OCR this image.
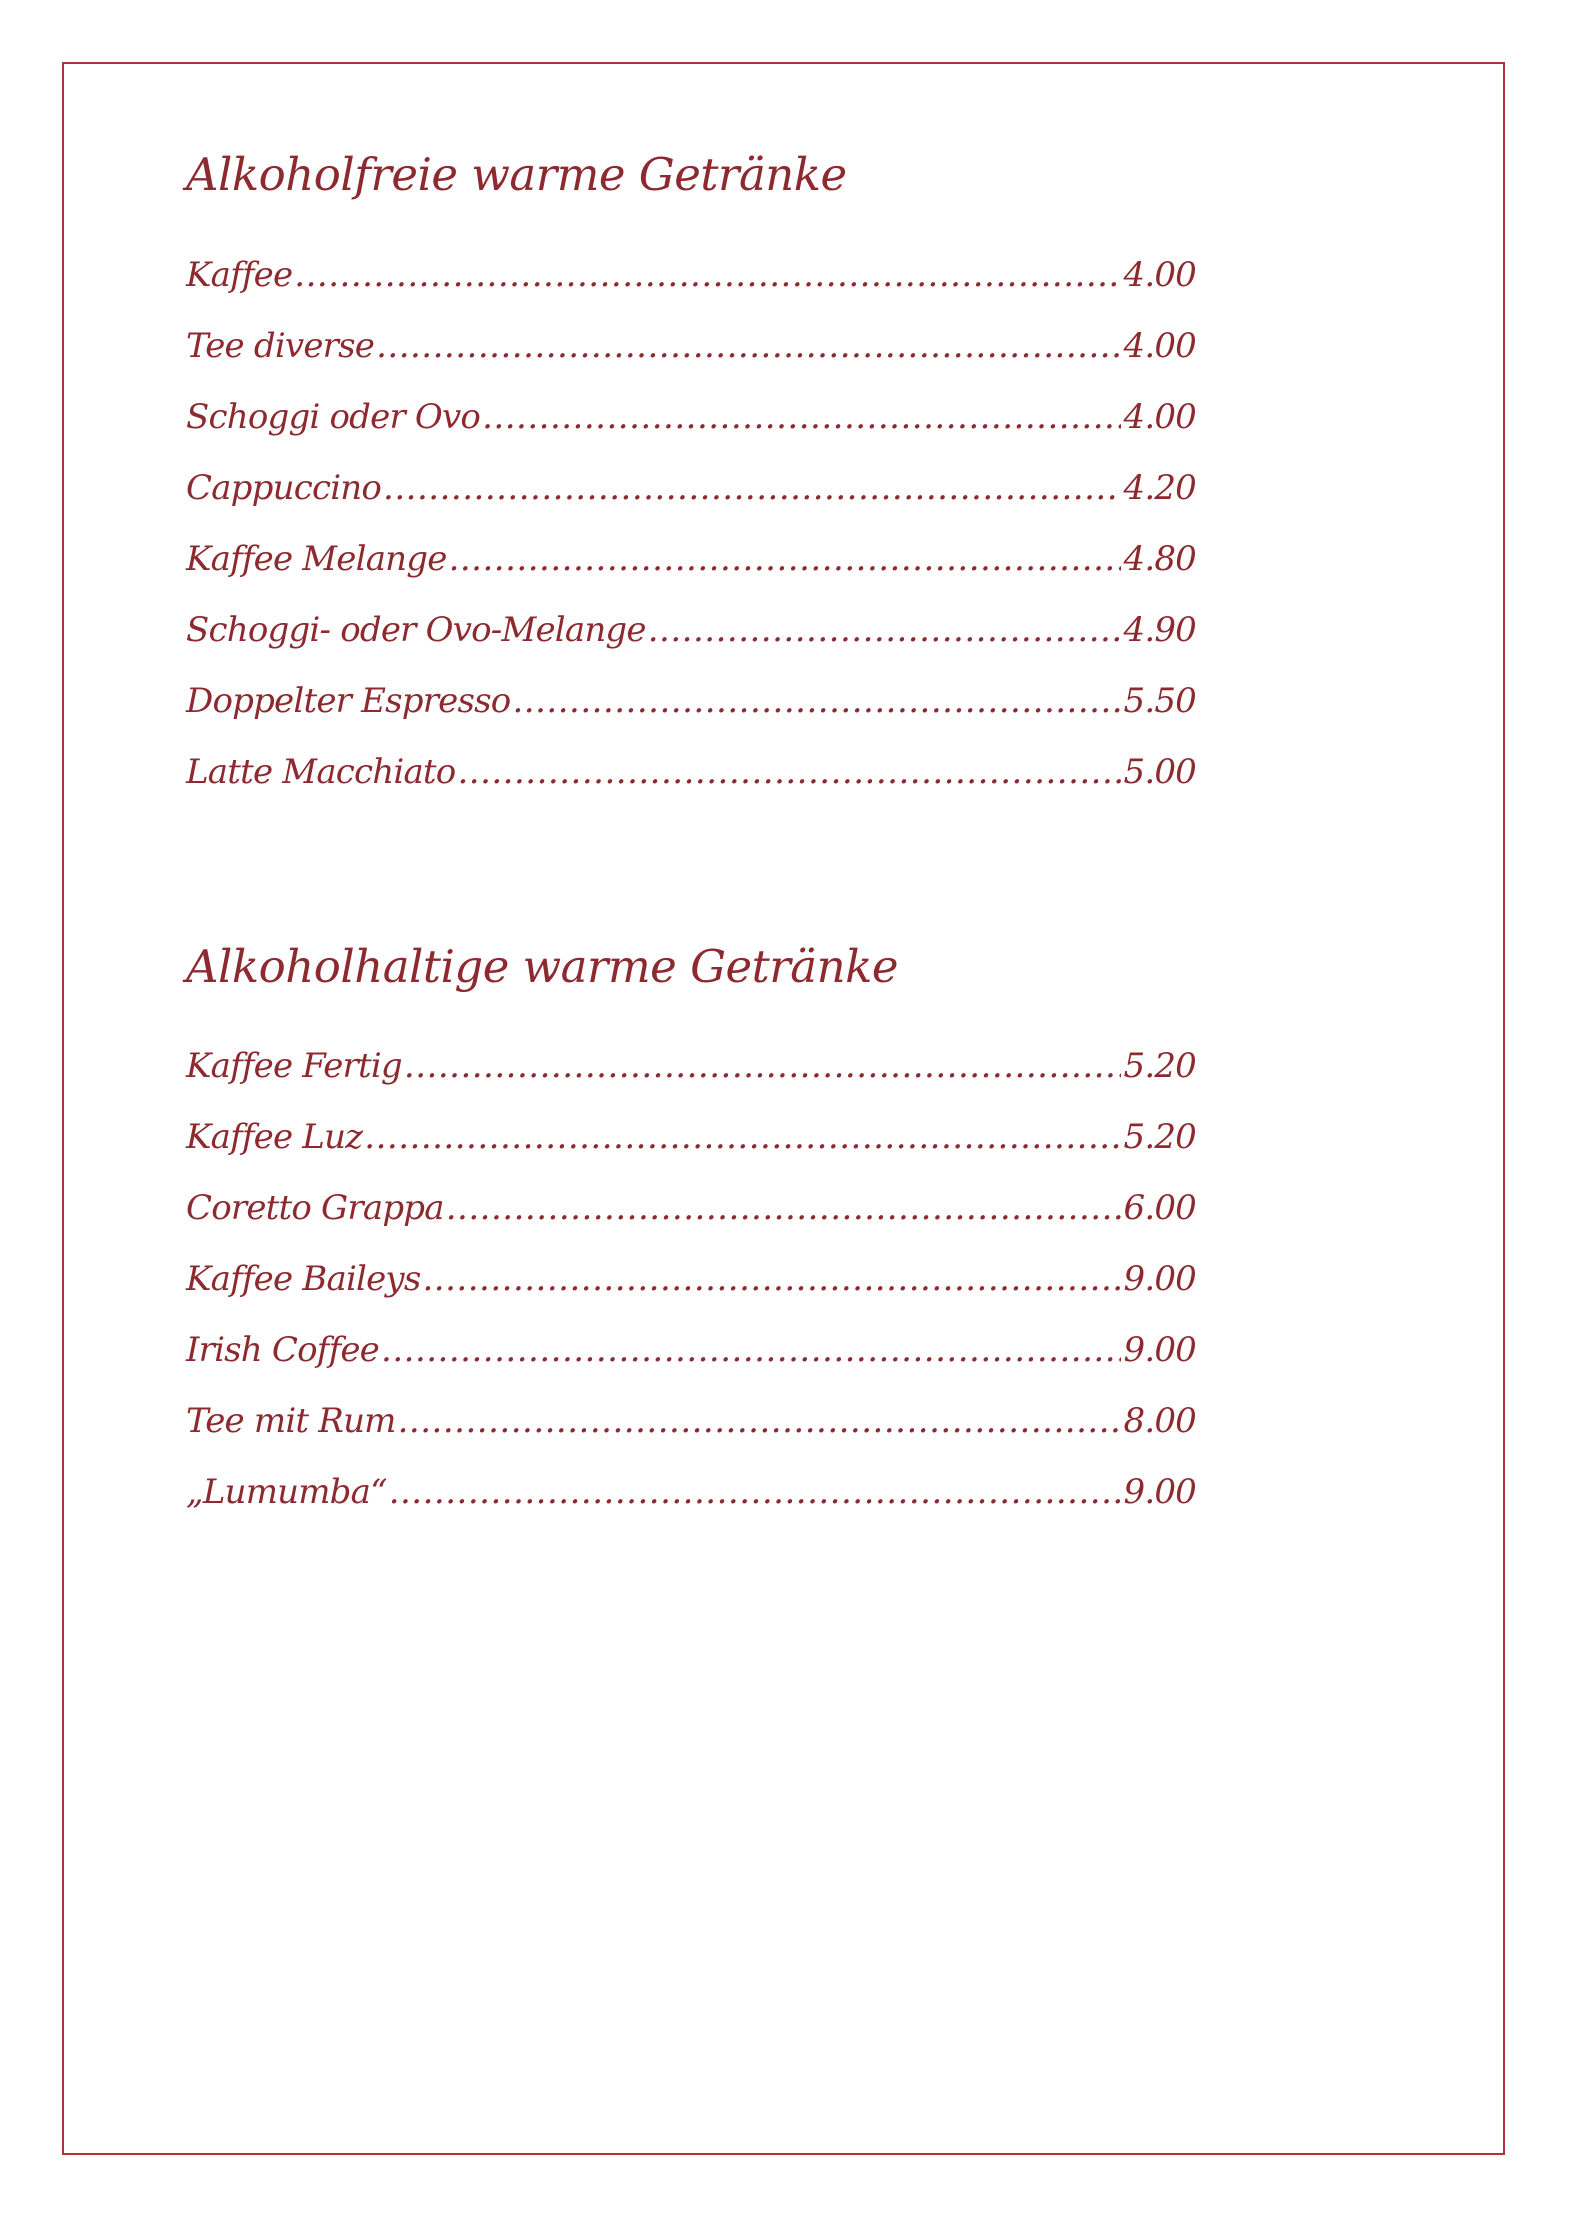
Alkoholfreie warme Getränke
Kaffee .....	4.00
Tee diverse .....	4.00
Schoggi oder Ovo .....	4.00
Cappuccino .....	4.20
Kaffee Melange .....	4.80
Schoggi- oder Ovo-Melange .....	4.90
Doppelter Espresso .....	5.50
Latte Macchiato .....	5.00
Alkoholhaltige warme Getränke
Kaffee Fertig .....	5.20
Kaffee Luz .....	5.20
Coretto Grappa .....	6.00
Kaffee Baileys .....	9.00
Irish Coffee .....	9.00
Tee mit Rum .....	8.00
„Lumumba“ .....	9.00
